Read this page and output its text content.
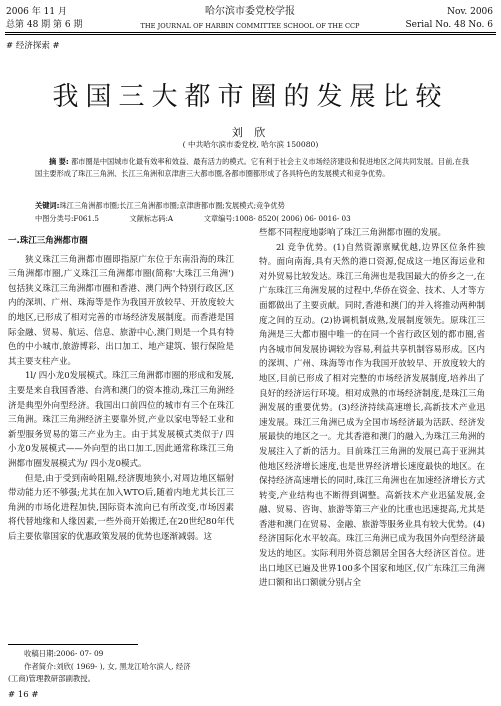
2006 年 11 月
总第 48 期 第 6 期
哈尔滨市委党校学报
THE JOURNAL OF HARBIN COMMITTEE SCHOOL OF THE CCP
Nov. 2006
Serial No. 48 No. 6
# 经济探索 #
我国三大都市圈的发展比较
刘 欣
( 中共哈尔滨市委党校, 哈尔滨 150080)
摘 要: 都市圈是中国城市化最有效率和效益、最有活力的模式。它有利于社会主义市场经济建设和促进地区之间共同发展。目前,在我国主要形成了珠江三角洲、长江三角洲和京津唐三大都市圈,各都市圈都形成了各具特色的发展模式和竞争优势。
关键词:珠江三角洲都市圈;长江三角洲都市圈;京津唐都市圈;发展模式;竞争优势
中图分类号:F061.5	文献标志码:A	文章编号:1008- 8520( 2006) 06- 0016- 03
一.珠江三角洲都市圈

狭义珠江三角洲都市圈即指原广东位于东南沿海的珠江三角洲都市圈,广义珠江三角洲都市圈(简称'大珠江三角洲')包括狭义珠江三角洲都市圈和香港、澳门两个特别行政区,区内的深圳、广州、珠海等是作为我国开放较早、开放度较大的地区,已形成了相对完善的市场经济发展制度。而香港是国际金融、贸易、航运、信息、旅游中心,澳门则是一个具有特色的中小城市,旅游博彩、出口加工、地产建筑、银行保险是其主要支柱产业。

1l/ 四小龙0发展模式。珠江三角洲都市圈的形成和发展,主要是来自我国香港、台湾和澳门的资本推动,珠江三角洲经济是典型外向型经济。我国出口前四位的城市有三个在珠江三角洲。珠江三角洲经济主要靠外贸,产业以家电等轻工业和新型服务贸易的第三产业为主。由于其发展模式类似于/ 四小龙0发展模式——外向型的出口加工,因此通常称珠江三角洲都市圈发展模式为/ 四小龙0模式。

但是,由于受到南岭阻隔,经济腹地狭小,对周边地区辐射带动能力还不够强;尤其在加入WTO后,随着内地尤其长江三角洲的市场化进程加快,国际资本流向已有所改变,市场因素将代替地缘和人缘因素,一些外商开始搬迁,在20世纪80年代后主要依靠国家的优惠政策发展的优势也逐渐减弱。这

收稿日期:2006- 07- 09
作者简介:刘欣( 1969- ), 女, 黑龙江哈尔滨人, 经济
(工商)管理教研部副教授。
些都不同程度地影响了珠江三角洲都市圈的发展。

2l 竞争优势。(1)自然资源禀赋优越,边界区位条件独特。面向南海,具有天然的港口资源,促成这一地区海运业和对外贸易比较发达。珠江三角洲也是我国最大的侨乡之一,在广东珠江三角洲发展的过程中,华侨在资金、技术、人才等方面都做出了主要贡献。同时,香港和澳门的并入将推动两种制度之间的互动。(2)协调机制成熟,发展制度领先。原珠江三角洲是三大都市圈中唯一的在同一个省行政区划的都市圈,省内各城市间发展协调较为容易,利益共享机制容易形成。区内的深圳、广州、珠海等市作为我国开放较早、开放度较大的地区,目前已形成了相对完整的市场经济发展制度,培养出了良好的经济运行环境。相对成熟的市场经济制度,是珠江三角洲发展的重要优势。(3)经济持续高速增长,高新技术产业迅速发展。珠江三角洲已成为全国市场经济最为活跃、经济发展最快的地区之一。尤其香港和澳门的融入,为珠江三角洲的发展注入了新的活力。目前珠江三角洲的发展已高于亚洲其他地区经济增长速度,也是世界经济增长速度最快的地区。在保持经济高速增长的同时,珠江三角洲也在加速经济增长方式转变,产业结构也不断得到调整。高新技术产业迅猛发展,金融、贸易、咨询、旅游等第三产业的比重也迅速提高,尤其是香港和澳门在贸易、金融、旅游等服务业具有较大优势。(4)经济国际化水平较高。珠江三角洲已成为我国外向型经济最发达的地区。实际利用外资总额居全国各大经济区首位。进出口地区已遍及世界100多个国家和地区,仅广东珠江三角洲进口额和出口额就分别占全

# 16 #
